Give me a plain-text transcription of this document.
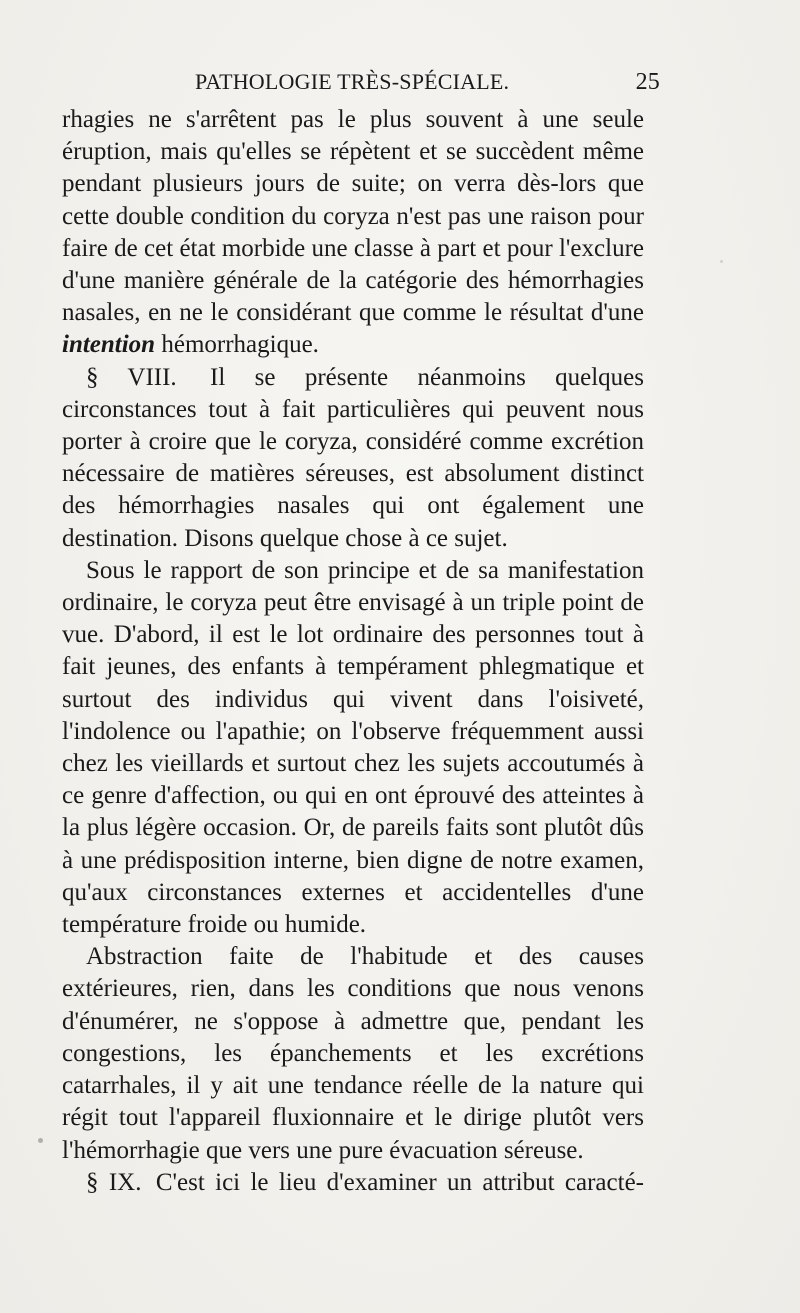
PATHOLOGIE TRÈS-SPÉCIALE.	25

rhagies ne s'arrêtent pas le plus souvent à une seule éruption, mais qu'elles se répètent et se succèdent même pendant plusieurs jours de suite; on verra dès-lors que cette double condition du coryza n'est pas une raison pour faire de cet état morbide une classe à part et pour l'exclure d'une manière générale de la catégorie des hémorrhagies nasales, en ne le considérant que comme le résultat d'une intention hémorrhagique.

§ VIII. Il se présente néanmoins quelques circonstances tout à fait particulières qui peuvent nous porter à croire que le coryza, considéré comme excrétion nécessaire de matières séreuses, est absolument distinct des hémorrhagies nasales qui ont également une destination. Disons quelque chose à ce sujet.

Sous le rapport de son principe et de sa manifestation ordinaire, le coryza peut être envisagé à un triple point de vue. D'abord, il est le lot ordinaire des personnes tout à fait jeunes, des enfants à tempérament phlegmatique et surtout des individus qui vivent dans l'oisiveté, l'indolence ou l'apathie; on l'observe fréquemment aussi chez les vieillards et surtout chez les sujets accoutumés à ce genre d'affection, ou qui en ont éprouvé des atteintes à la plus légère occasion. Or, de pareils faits sont plutôt dûs à une prédisposition interne, bien digne de notre examen, qu'aux circonstances externes et accidentelles d'une température froide ou humide.

Abstraction faite de l'habitude et des causes extérieures, rien, dans les conditions que nous venons d'énumérer, ne s'oppose à admettre que, pendant les congestions, les épanchements et les excrétions catarrhales, il y ait une tendance réelle de la nature qui régit tout l'appareil fluxionnaire et le dirige plutôt vers l'hémorrhagie que vers une pure évacuation séreuse.

§ IX. C'est ici le lieu d'examiner un attribut caracté-
